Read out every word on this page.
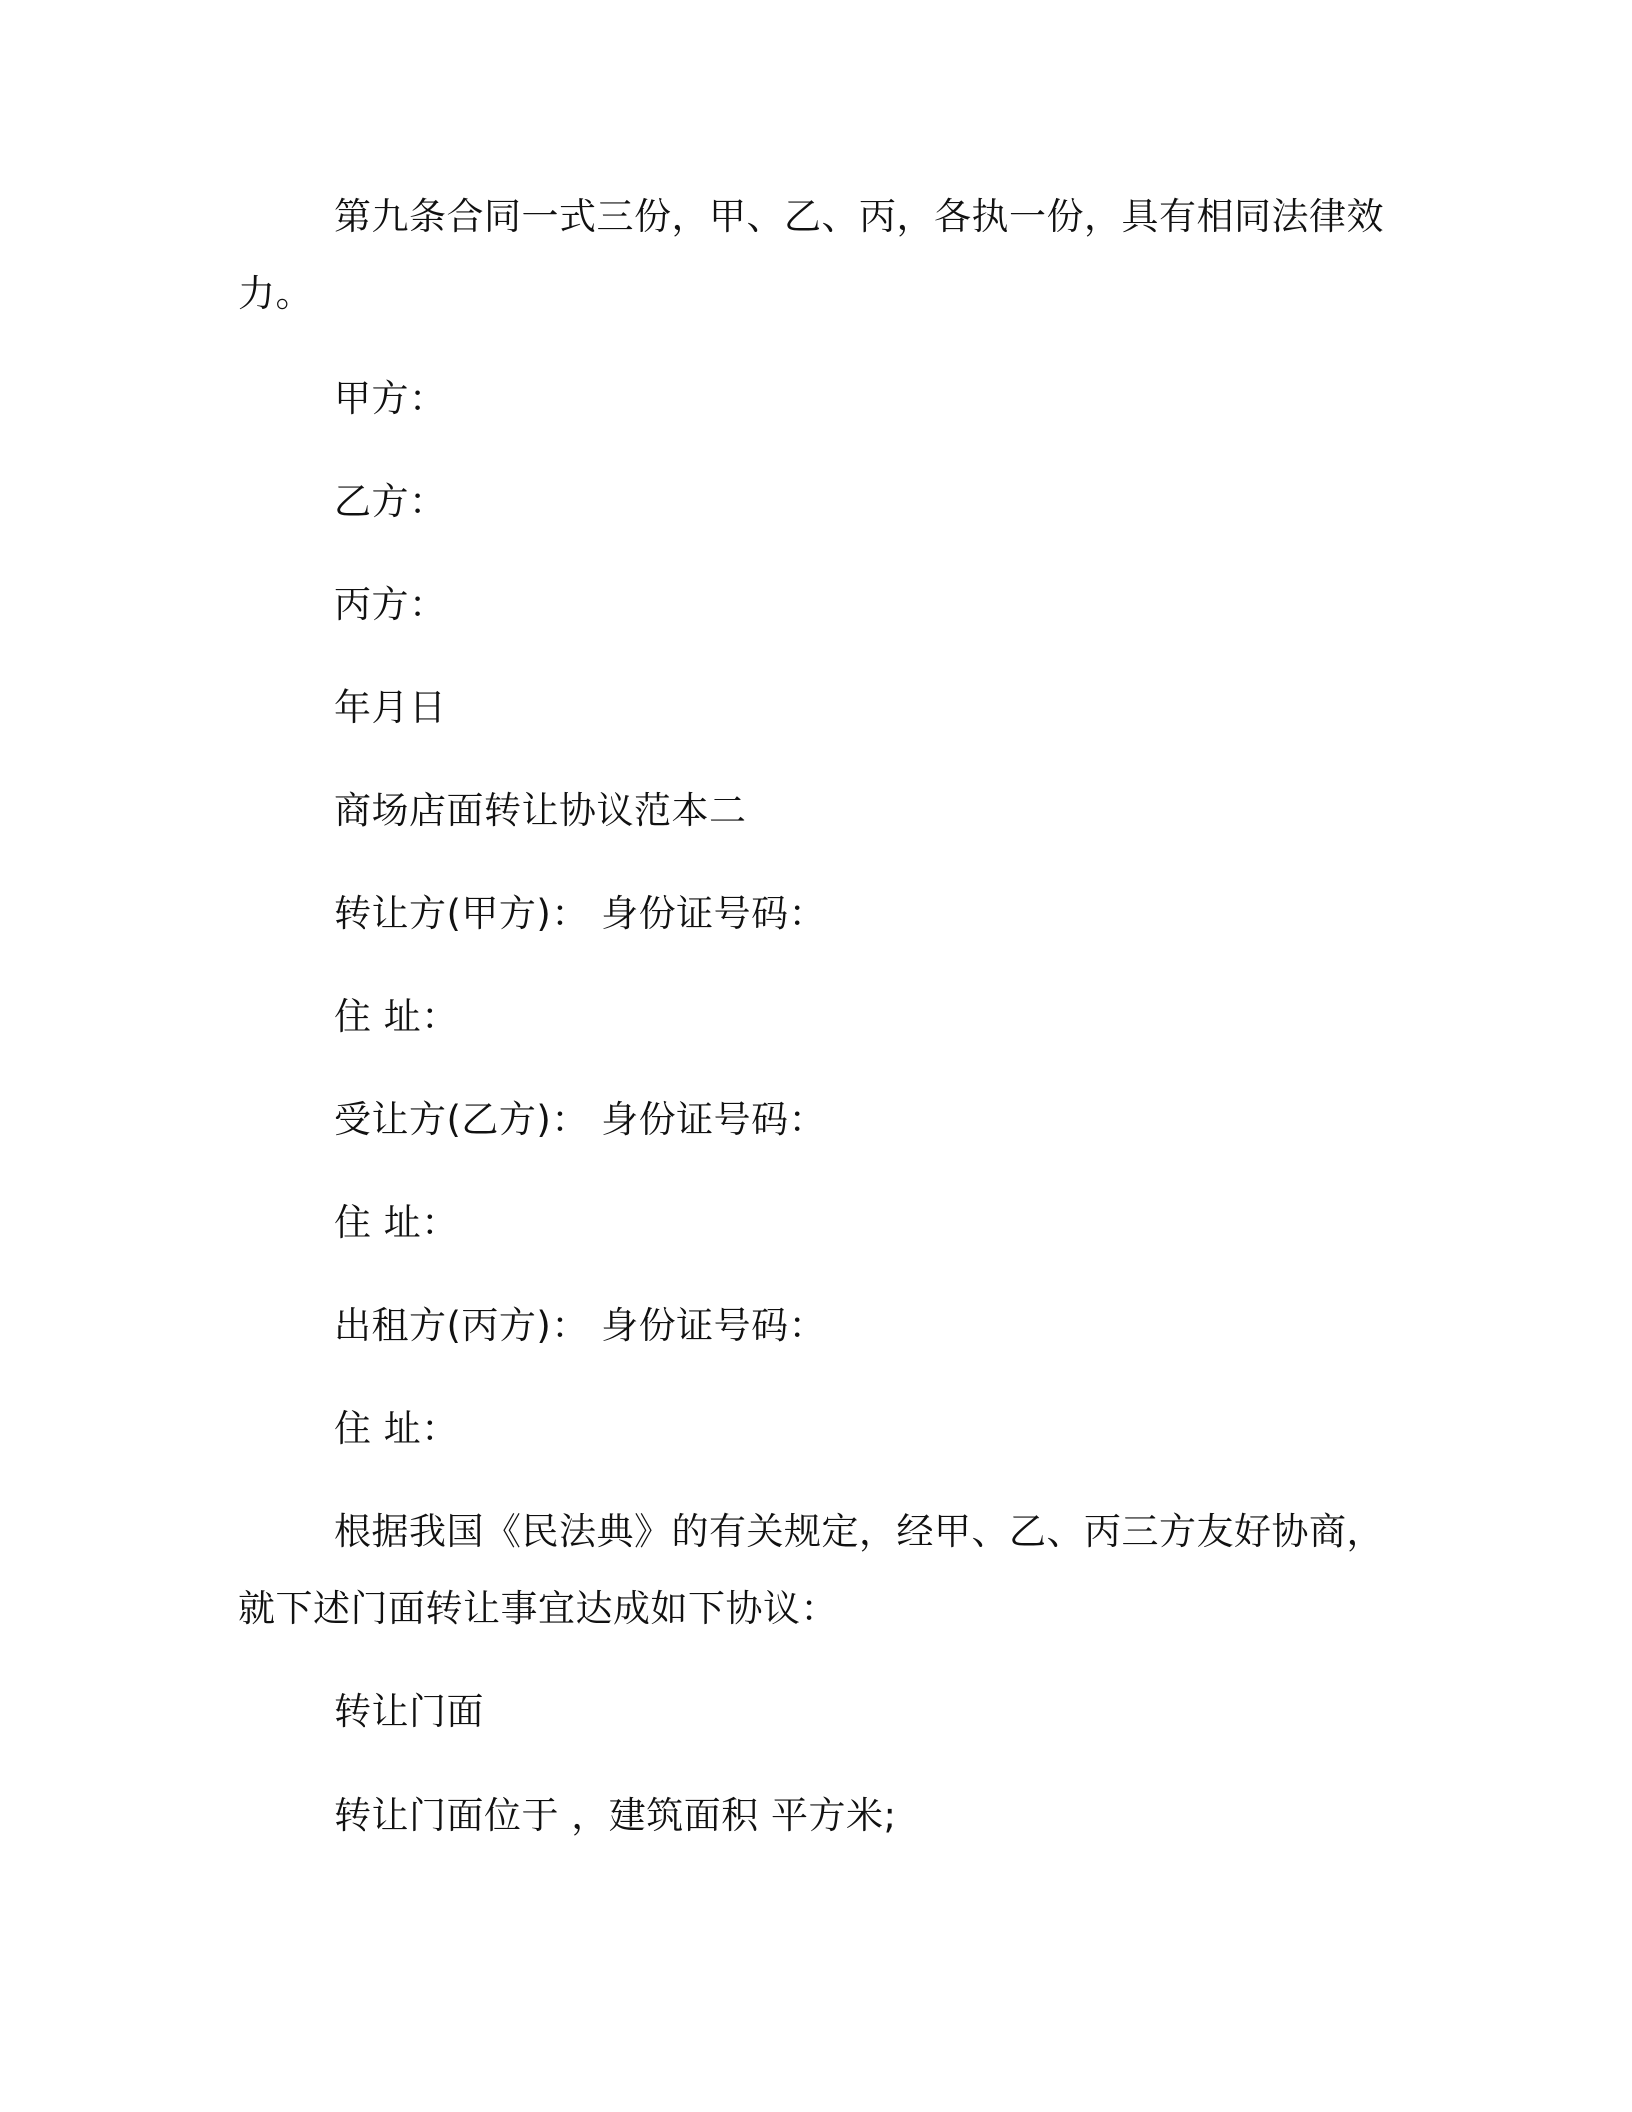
第九条合同一式三份，甲、乙、丙，各执一份，具有相同法律效
力。
甲方：
乙方：
丙方：
年月日
商场店面转让协议范本二
转让方(甲方)： 身份证号码：
住 址：
受让方(乙方)： 身份证号码：
住 址：
出租方(丙方)： 身份证号码：
住 址：
根据我国《民法典》的有关规定，经甲、乙、丙三方友好协商，
就下述门面转让事宜达成如下协议：
转让门面
转让门面位于 ，建筑面积 平方米;
